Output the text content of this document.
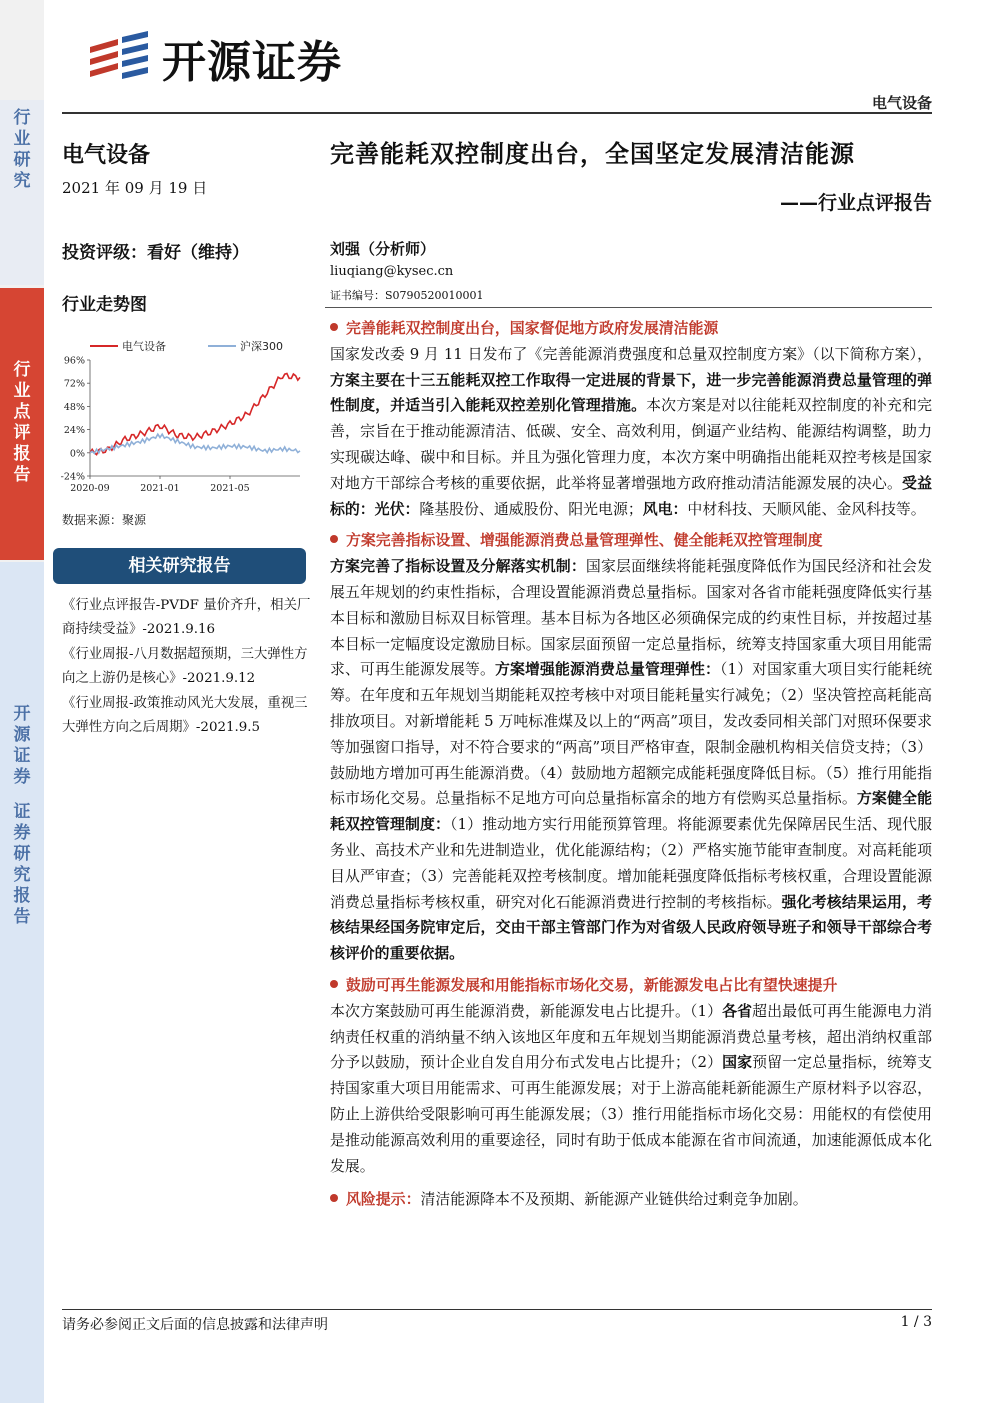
行
业
研
究
行
业
点
评
报
告
开
源
证
券
证
券
研
究
报
告
开源证券
电气设备
电气设备
2021 年 09 月 19 日
投资评级：看好（维持）
行业走势图
96%
72%
48%
24%
0%
-24%
2020-09	2021-01	2021-05
电气设备	沪深300
数据来源：聚源
相关研究报告
《行业点评报告-PVDF 量价齐升，相关厂商持续受益》-2021.9.16
《行业周报-八月数据超预期，三大弹性方向之上游仍是核心》-2021.9.12
《行业周报-政策推动风光大发展，重视三大弹性方向之后周期》-2021.9.5
完善能耗双控制度出台，全国坚定发展清洁能源
——行业点评报告
刘强（分析师）
liuqiang@kysec.cn
证书编号：S0790520010001
完善能耗双控制度出台，国家督促地方政府发展清洁能源
国家发改委 9 月 11 日发布了《完善能源消费强度和总量双控制度方案》（以下简称方案），方案主要在十三五能耗双控工作取得一定进展的背景下，进一步完善能源消费总量管理的弹性制度，并适当引入能耗双控差别化管理措施。本次方案是对以往能耗双控制度的补充和完善，宗旨在于推动能源清洁、低碳、安全、高效利用，倒逼产业结构、能源结构调整，助力实现碳达峰、碳中和目标。并且为强化管理力度，本次方案中明确指出能耗双控考核是国家对地方干部综合考核的重要依据，此举将显著增强地方政府推动清洁能源发展的决心。受益标的：光伏：隆基股份、通威股份、阳光电源；风电：中材科技、天顺风能、金风科技等。
方案完善指标设置、增强能源消费总量管理弹性、健全能耗双控管理制度
方案完善了指标设置及分解落实机制：国家层面继续将能耗强度降低作为国民经济和社会发展五年规划的约束性指标，合理设置能源消费总量指标。国家对各省市能耗强度降低实行基本目标和激励目标双目标管理。基本目标为各地区必须确保完成的约束性目标，并按超过基本目标一定幅度设定激励目标。国家层面预留一定总量指标，统筹支持国家重大项目用能需求、可再生能源发展等。方案增强能源消费总量管理弹性：（1）对国家重大项目实行能耗统筹。在年度和五年规划当期能耗双控考核中对项目能耗量实行减免；（2）坚决管控高耗能高排放项目。对新增能耗 5 万吨标准煤及以上的“两高”项目，发改委同相关部门对照环保要求等加强窗口指导，对不符合要求的“两高”项目严格审查，限制金融机构相关信贷支持；（3）鼓励地方增加可再生能源消费。（4）鼓励地方超额完成能耗强度降低目标。（5）推行用能指标市场化交易。总量指标不足地方可向总量指标富余的地方有偿购买总量指标。方案健全能耗双控管理制度：（1）推动地方实行用能预算管理。将能源要素优先保障居民生活、现代服务业、高技术产业和先进制造业，优化能源结构；（2）严格实施节能审查制度。对高耗能项目从严审查；（3）完善能耗双控考核制度。增加能耗强度降低指标考核权重，合理设置能源消费总量指标考核权重，研究对化石能源消费进行控制的考核指标。强化考核结果运用，考核结果经国务院审定后，交由干部主管部门作为对省级人民政府领导班子和领导干部综合考核评价的重要依据。
鼓励可再生能源发展和用能指标市场化交易，新能源发电占比有望快速提升
本次方案鼓励可再生能源消费，新能源发电占比提升。（1）各省超出最低可再生能源电力消纳责任权重的消纳量不纳入该地区年度和五年规划当期能源消费总量考核，超出消纳权重部分予以鼓励，预计企业自发自用分布式发电占比提升；（2）国家预留一定总量指标，统筹支持国家重大项目用能需求、可再生能源发展；对于上游高能耗新能源生产原材料予以容忍，防止上游供给受限影响可再生能源发展；（3）推行用能指标市场化交易：用能权的有偿使用是推动能源高效利用的重要途径，同时有助于低成本能源在省市间流通，加速能源低成本化发展。
风险提示：清洁能源降本不及预期、新能源产业链供给过剩竞争加剧。
请务必参阅正文后面的信息披露和法律声明	1 / 3
